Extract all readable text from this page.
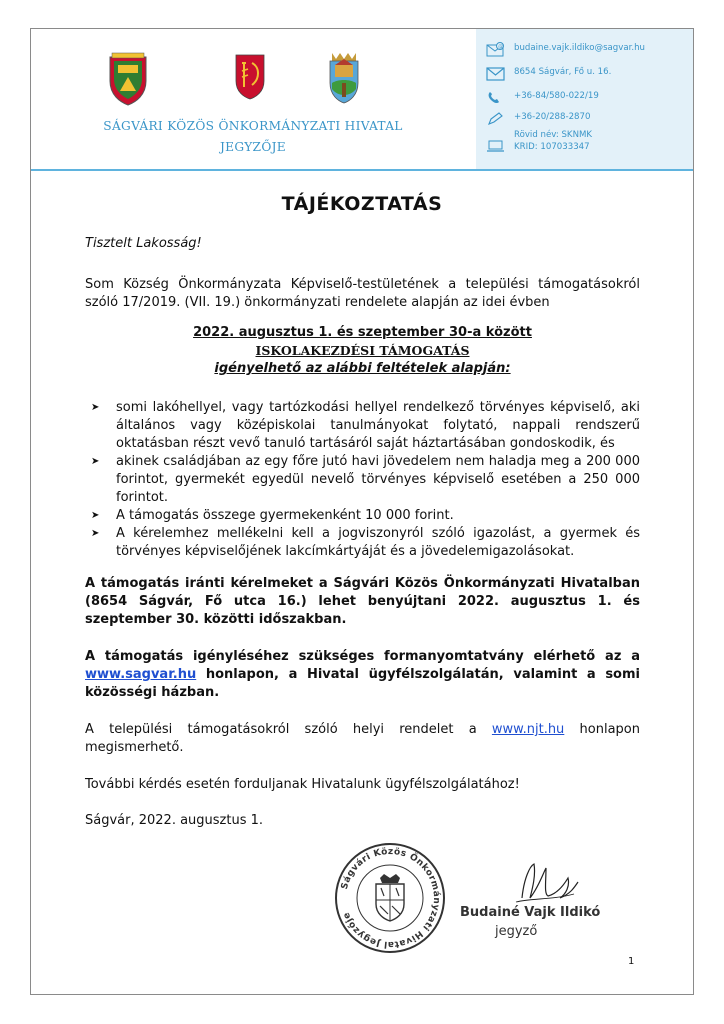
SÁGVÁRI KÖZÖS ÖNKORMÁNYZATI HIVATAL
JEGYZŐJE
@ budaine.vajk.ildiko@sagvar.hu
8654 Ságvár, Fő u. 16.
+36-84/580-022/19
+36-20/288-2870
Rövid név: SKNMK
KRID: 107033347
TÁJÉKOZTATÁS
Tisztelt Lakosság!
Som Község Önkormányzata Képviselő-testületének a települési támogatásokról szóló 17/2019. (VII. 19.) önkormányzati rendelete alapján az idei évben
2022. augusztus 1. és szeptember 30-a között
ISKOLAKEZDÉSI TÁMOGATÁS
igényelhető az alábbi feltételek alapján:
➤ somi lakóhellyel, vagy tartózkodási hellyel rendelkező törvényes képviselő, aki általános vagy középiskolai tanulmányokat folytató, nappali rendszerű oktatásban részt vevő tanuló tartásáról saját háztartásában gondoskodik, és
➤ akinek családjában az egy főre jutó havi jövedelem nem haladja meg a 200 000 forintot, gyermekét egyedül nevelő törvényes képviselő esetében a 250 000 forintot.
➤ A támogatás összege gyermekenként 10 000 forint.
➤ A kérelemhez mellékelni kell a jogviszonyról szóló igazolást, a gyermek és törvényes képviselőjének lakcímkártyáját és a jövedelemigazolásokat.
A támogatás iránti kérelmeket a Ságvári Közös Önkormányzati Hivatalban (8654 Ságvár, Fő utca 16.) lehet benyújtani 2022. augusztus 1. és szeptember 30. közötti időszakban.
A támogatás igényléséhez szükséges formanyomtatvány elérhető az a www.sagvar.hu honlapon, a Hivatal ügyfélszolgálatán, valamint a somi közösségi házban.
A települési támogatásokról szóló helyi rendelet a www.njt.hu honlapon megismerhető.
További kérdés esetén forduljanak Hivatalunk ügyfélszolgálatához!
Ságvár, 2022. augusztus 1.
Ságvári Közös Önkormányzati Hivatal Jegyzője	Budainé Vajk Ildikó
jegyző
1
